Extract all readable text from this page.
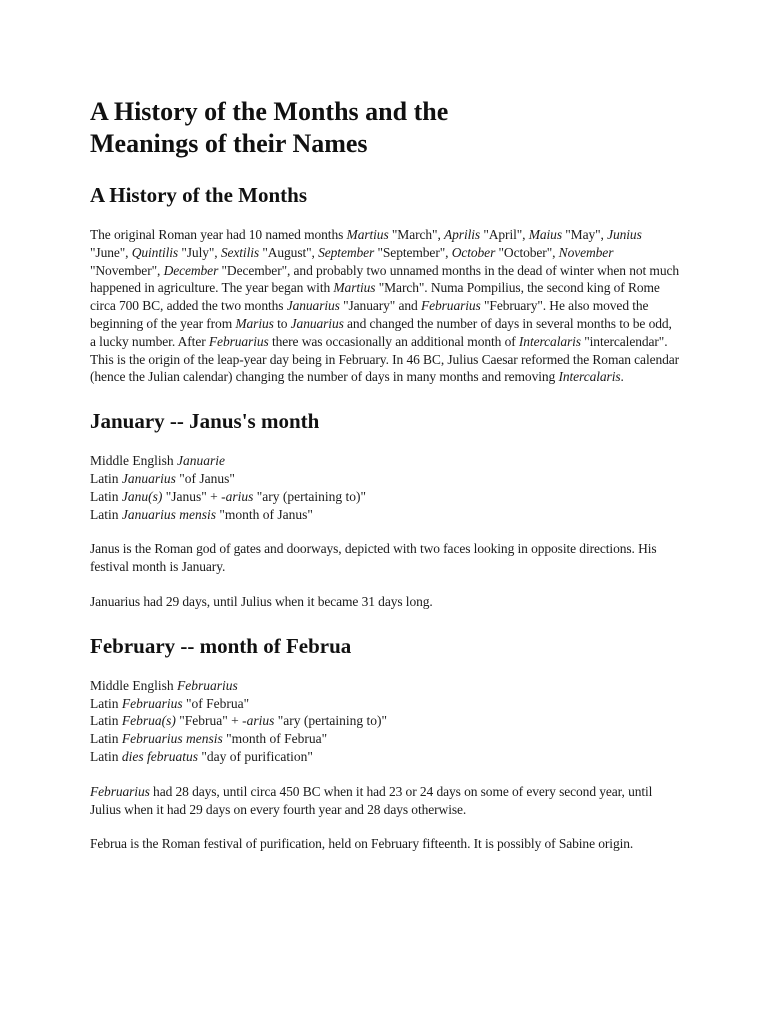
A History of the Months and the
Meanings of their Names
A History of the Months

The original Roman year had 10 named months Martius "March", Aprilis "April", Maius "May", Junius "June", Quintilis "July", Sextilis "August", September "September", October "October", November "November", December "December", and probably two unnamed months in the dead of winter when not much happened in agriculture. The year began with Martius "March". Numa Pompilius, the second king of Rome circa 700 BC, added the two months Januarius "January" and Februarius "February". He also moved the beginning of the year from Marius to Januarius and changed the number of days in several months to be odd, a lucky number. After Februarius there was occasionally an additional month of Intercalaris "intercalendar". This is the origin of the leap-year day being in February. In 46 BC, Julius Caesar reformed the Roman calendar (hence the Julian calendar) changing the number of days in many months and removing Intercalaris.

January -- Janus's month
Middle English Januarie
Latin Januarius "of Janus"
Latin Janu(s) "Janus" + -arius "ary (pertaining to)"
Latin Januarius mensis "month of Janus"

Janus is the Roman god of gates and doorways, depicted with two faces looking in opposite directions. His festival month is January.

Januarius had 29 days, until Julius when it became 31 days long.

February -- month of Februa
Middle English Februarius
Latin Februarius "of Februa"
Latin Februa(s) "Februa" + -arius "ary (pertaining to)"
Latin Februarius mensis "month of Februa"
Latin dies februatus "day of purification"

Februarius had 28 days, until circa 450 BC when it had 23 or 24 days on some of every second year, until Julius when it had 29 days on every fourth year and 28 days otherwise.

Februa is the Roman festival of purification, held on February fifteenth. It is possibly of Sabine origin.
